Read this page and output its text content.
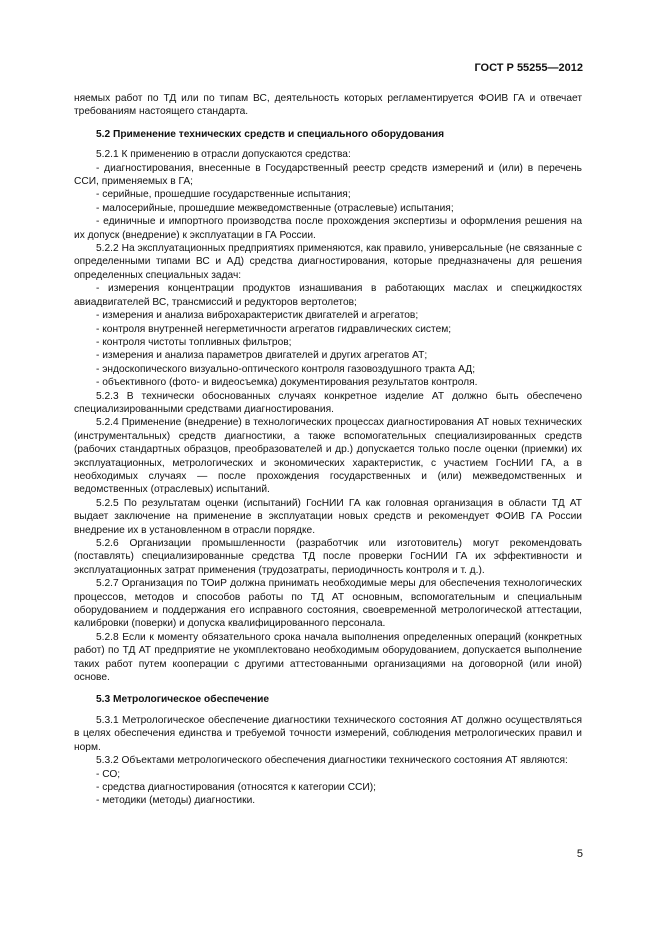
ГОСТ Р 55255—2012

няемых работ по ТД или по типам ВС, деятельность которых регламентируется ФОИВ ГА и отвечает требованиям настоящего стандарта.

5.2 Применение технических средств и специального оборудования

5.2.1 К применению в отрасли допускаются средства:

- диагностирования, внесенные в Государственный реестр средств измерений и (или) в перечень ССИ, применяемых в ГА;

- серийные, прошедшие государственные испытания;

- малосерийные, прошедшие межведомственные (отраслевые) испытания;

- единичные и импортного производства после прохождения экспертизы и оформления решения на их допуск (внедрение) к эксплуатации в ГА России.

5.2.2 На эксплуатационных предприятиях применяются, как правило, универсальные (не связанные с определенными типами ВС и АД) средства диагностирования, которые предназначены для решения определенных специальных задач:

- измерения концентрации продуктов изнашивания в работающих маслах и спецжидкостях авиадвигателей ВС, трансмиссий и редукторов вертолетов;

- измерения и анализа виброхарактеристик двигателей и агрегатов;

- контроля внутренней негерметичности агрегатов гидравлических систем;

- контроля чистоты топливных фильтров;

- измерения и анализа параметров двигателей и других агрегатов АТ;

- эндоскопического визуально-оптического контроля газовоздушного тракта АД;

- объективного (фото- и видеосъемка) документирования результатов контроля.

5.2.3 В технически обоснованных случаях конкретное изделие АТ должно быть обеспечено специализированными средствами диагностирования.

5.2.4 Применение (внедрение) в технологических процессах диагностирования АТ новых технических (инструментальных) средств диагностики, а также вспомогательных специализированных средств (рабочих стандартных образцов, преобразователей и др.) допускается только после оценки (приемки) их эксплуатационных, метрологических и экономических характеристик, с участием ГосНИИ ГА, а в необходимых случаях — после прохождения государственных и (или) межведомственных и ведомственных (отраслевых) испытаний.

5.2.5 По результатам оценки (испытаний) ГосНИИ ГА как головная организация в области ТД АТ выдает заключение на применение в эксплуатации новых средств и рекомендует ФОИВ ГА России внедрение их в установленном в отрасли порядке.

5.2.6 Организации промышленности (разработчик или изготовитель) могут рекомендовать (поставлять) специализированные средства ТД после проверки ГосНИИ ГА их эффективности и эксплуатационных затрат применения (трудозатраты, периодичность контроля и т. д.).

5.2.7 Организация по ТОиР должна принимать необходимые меры для обеспечения технологических процессов, методов и способов работы по ТД АТ основным, вспомогательным и специальным оборудованием и поддержания его исправного состояния, своевременной метрологической аттестации, калибровки (поверки) и допуска квалифицированного персонала.

5.2.8 Если к моменту обязательного срока начала выполнения определенных операций (конкретных работ) по ТД АТ предприятие не укомплектовано необходимым оборудованием, допускается выполнение таких работ путем кооперации с другими аттестованными организациями на договорной (или иной) основе.

5.3 Метрологическое обеспечение

5.3.1 Метрологическое обеспечение диагностики технического состояния АТ должно осуществляться в целях обеспечения единства и требуемой точности измерений, соблюдения метрологических правил и норм.

5.3.2 Объектами метрологического обеспечения диагностики технического состояния АТ являются:

- СО;

- средства диагностирования (относятся к категории ССИ);

- методики (методы) диагностики.

5
